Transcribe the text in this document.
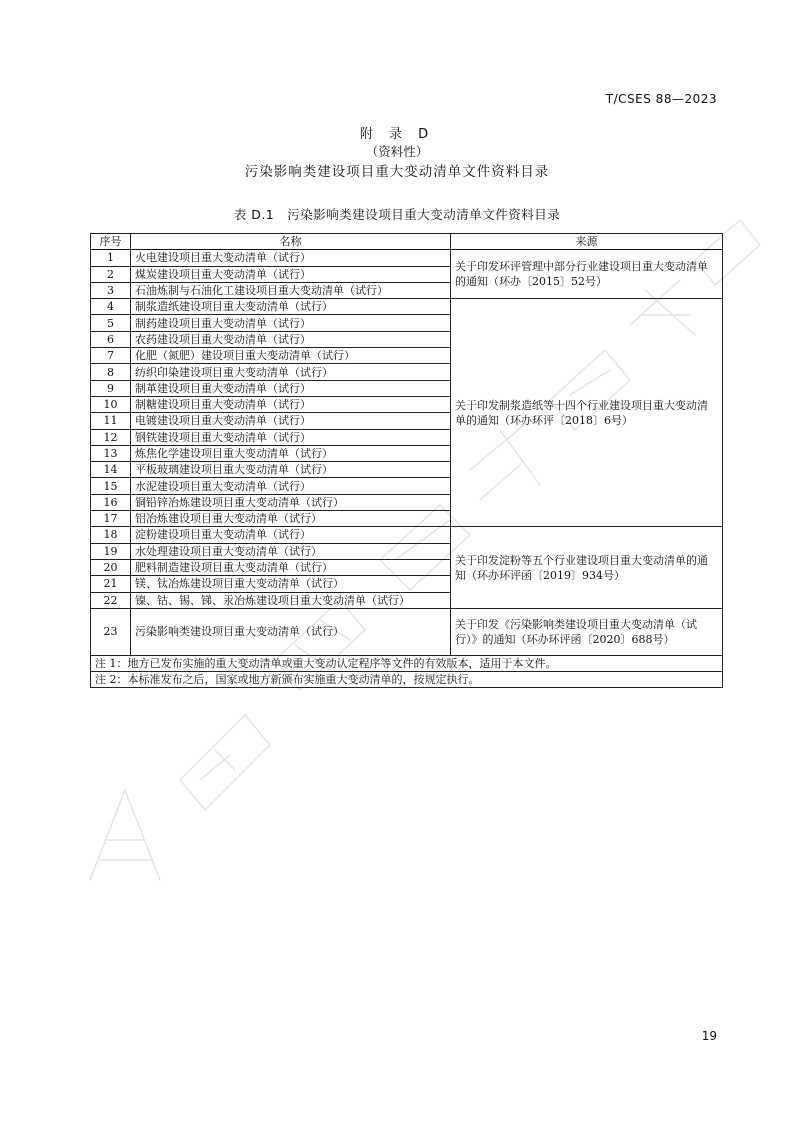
T/CSES 88—2023
附 录 D
（资料性）
污染影响类建设项目重大变动清单文件资料目录
表 D.1　污染影响类建设项目重大变动清单文件资料目录
序号	名称	来源
1	火电建设项目重大变动清单（试行）	关于印发环评管理中部分行业建设项目重大变动清单的通知（环办〔2015〕52号）
2	煤炭建设项目重大变动清单（试行）	
3	石油炼制与石油化工建设项目重大变动清单（试行）	
4	制浆造纸建设项目重大变动清单（试行）	关于印发制浆造纸等十四个行业建设项目重大变动清单的通知（环办环评〔2018〕6号）
5	制药建设项目重大变动清单（试行）	
6	农药建设项目重大变动清单（试行）	
7	化肥（氮肥）建设项目重大变动清单（试行）	
8	纺织印染建设项目重大变动清单（试行）	
9	制革建设项目重大变动清单（试行）	
10	制糖建设项目重大变动清单（试行）	
11	电镀建设项目重大变动清单（试行）	
12	钢铁建设项目重大变动清单（试行）	
13	炼焦化学建设项目重大变动清单（试行）	
14	平板玻璃建设项目重大变动清单（试行）	
15	水泥建设项目重大变动清单（试行）	
16	铜铅锌冶炼建设项目重大变动清单（试行）	
17	铝冶炼建设项目重大变动清单（试行）	
18	淀粉建设项目重大变动清单（试行）	关于印发淀粉等五个行业建设项目重大变动清单的通知（环办环评函〔2019〕934号）
19	水处理建设项目重大变动清单（试行）	
20	肥料制造建设项目重大变动清单（试行）	
21	镁、钛冶炼建设项目重大变动清单（试行）	
22	镍、钴、锡、锑、汞冶炼建设项目重大变动清单（试行）	
23	污染影响类建设项目重大变动清单（试行）	关于印发《污染影响类建设项目重大变动清单（试行）》的通知（环办环评函〔2020〕688号）
注 1：地方已发布实施的重大变动清单或重大变动认定程序等文件的有效版本，适用于本文件。		
注 2：本标准发布之后，国家或地方新颁布实施重大变动清单的，按规定执行。		
19
